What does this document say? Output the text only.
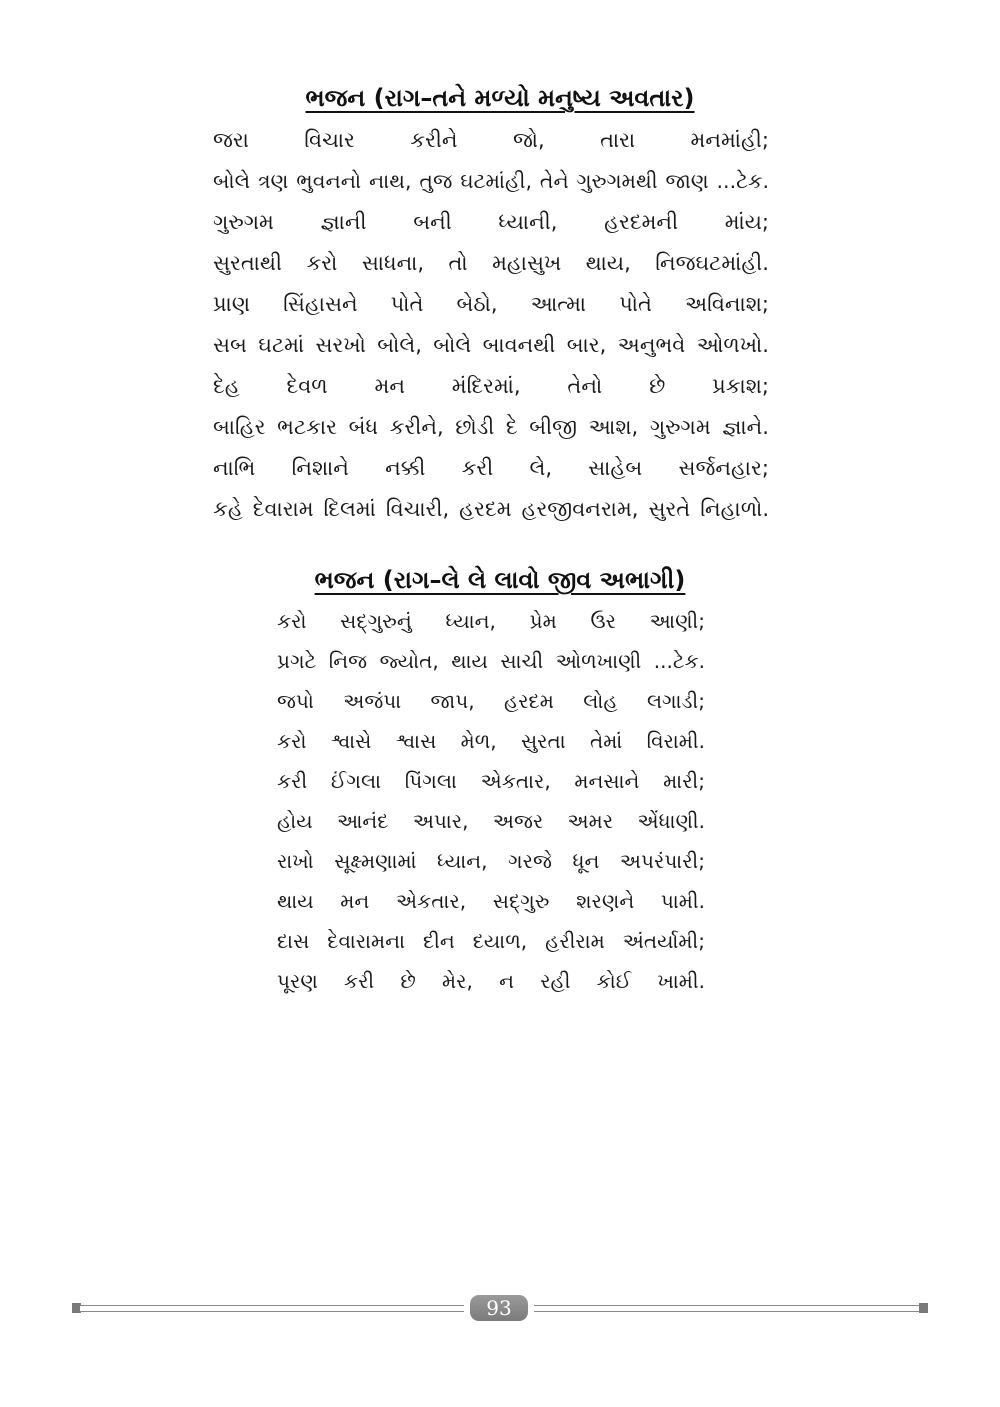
ભજન (રાગ–તને મળ્યો મનુષ્ય અવતાર)
જરા વિચાર કરીને જો, તારા મનમાંહી;
બોલે ત્રણ ભુવનનો નાથ, તુજ ઘટમાંહી, તેને ગુરુગમથી જાણ ...ટેક.
ગુરુગમ જ્ઞાની બની ધ્યાની, હરદમની માંય;
સુરતાથી કરો સાધના, તો મહાસુખ થાય, નિજઘટમાંહી.
પ્રાણ સિંહાસને પોતે બેઠો, આત્મા પોતે અવિનાશ;
સબ ઘટમાં સરખો બોલે, બોલે બાવનથી બાર, અનુભવે ઓળખો.
દેહ દેવળ મન મંદિરમાં, તેનો છે પ્રકાશ;
બાહિર ભટકાર બંધ કરીને, છોડી દે બીજી આશ, ગુરુગમ જ્ઞાને.
નાભિ નિશાને નક્કી કરી લે, સાહેબ સર્જનહાર;
કહે દેવારામ દિલમાં વિચારી, હરદમ હરજીવનરામ, સુરતે નિહાળો.
ભજન (રાગ–લે લે લાવો જીવ અભાગી)
કરો સદ્ગુરુનું ધ્યાન, પ્રેમ ઉર આણી;
પ્રગટે નિજ જ્યોત, થાય સાચી ઓળખાણી ...ટેક.
જપો અજંપા જાપ, હરદમ લોહ લગાડી;
કરો શ્વાસે શ્વાસ મેળ, સુરતા તેમાં વિરામી.
કરી ઈંગલા પિંગલા એકતાર, મનસાને મારી;
હોય આનંદ અપાર, અજર અમર એંધાણી.
રાખો સૂક્ષ્મણામાં ધ્યાન, ગરજે ધૂન અપરંપારી;
થાય મન એકતાર, સદ્ગુરુ શરણને પામી.
દાસ દેવારામના દીન દયાળ, હરીરામ અંતર્યામી;
પૂરણ કરી છે મેર, ન રહી કોઈ ખામી.
93
